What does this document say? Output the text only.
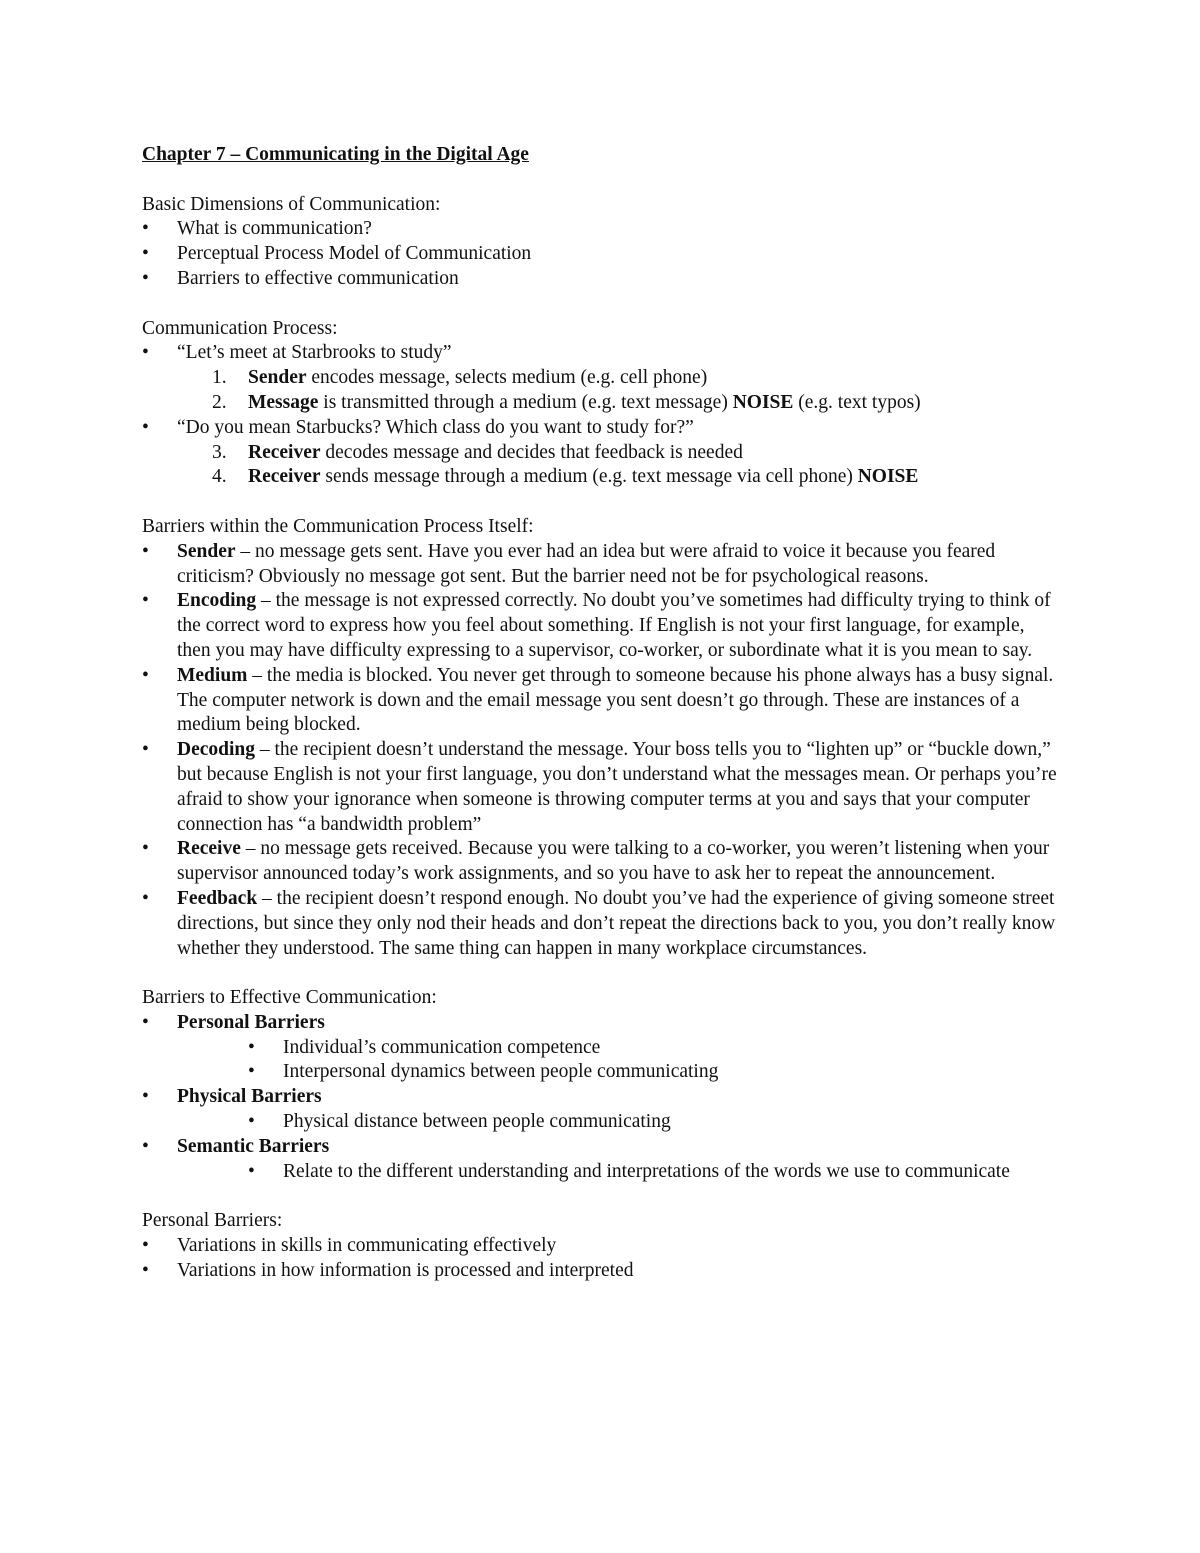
Chapter 7 – Communicating in the Digital Age

Basic Dimensions of Communication:

•	What is communication?
•	Perceptual Process Model of Communication
•	Barriers to effective communication

Communication Process:

•	“Let’s meet at Starbrooks to study”
1. Sender encodes message, selects medium (e.g. cell phone)
2. Message is transmitted through a medium (e.g. text message) NOISE (e.g. text typos)
•	“Do you mean Starbucks? Which class do you want to study for?”
3. Receiver decodes message and decides that feedback is needed
4. Receiver sends message through a medium (e.g. text message via cell phone) NOISE

Barriers within the Communication Process Itself:

•	Sender – no message gets sent. Have you ever had an idea but were afraid to voice it because you feared criticism? Obviously no message got sent. But the barrier need not be for psychological reasons.
•	Encoding – the message is not expressed correctly. No doubt you’ve sometimes had difficulty trying to think of the correct word to express how you feel about something. If English is not your first language, for example, then you may have difficulty expressing to a supervisor, co-worker, or subordinate what it is you mean to say.
•	Medium – the media is blocked. You never get through to someone because his phone always has a busy signal. The computer network is down and the email message you sent doesn’t go through. These are instances of a medium being blocked.
•	Decoding – the recipient doesn’t understand the message. Your boss tells you to “lighten up” or “buckle down,” but because English is not your first language, you don’t understand what the messages mean. Or perhaps you’re afraid to show your ignorance when someone is throwing computer terms at you and says that your computer connection has “a bandwidth problem”
•	Receive – no message gets received. Because you were talking to a co-worker, you weren’t listening when your supervisor announced today’s work assignments, and so you have to ask her to repeat the announcement.
•	Feedback – the recipient doesn’t respond enough. No doubt you’ve had the experience of giving someone street directions, but since they only nod their heads and don’t repeat the directions back to you, you don’t really know whether they understood. The same thing can happen in many workplace circumstances.

Barriers to Effective Communication:

•	Personal Barriers
• Individual’s communication competence
• Interpersonal dynamics between people communicating
•	Physical Barriers
• Physical distance between people communicating
•	Semantic Barriers
• Relate to the different understanding and interpretations of the words we use to communicate

Personal Barriers:

•	Variations in skills in communicating effectively
•	Variations in how information is processed and interpreted
